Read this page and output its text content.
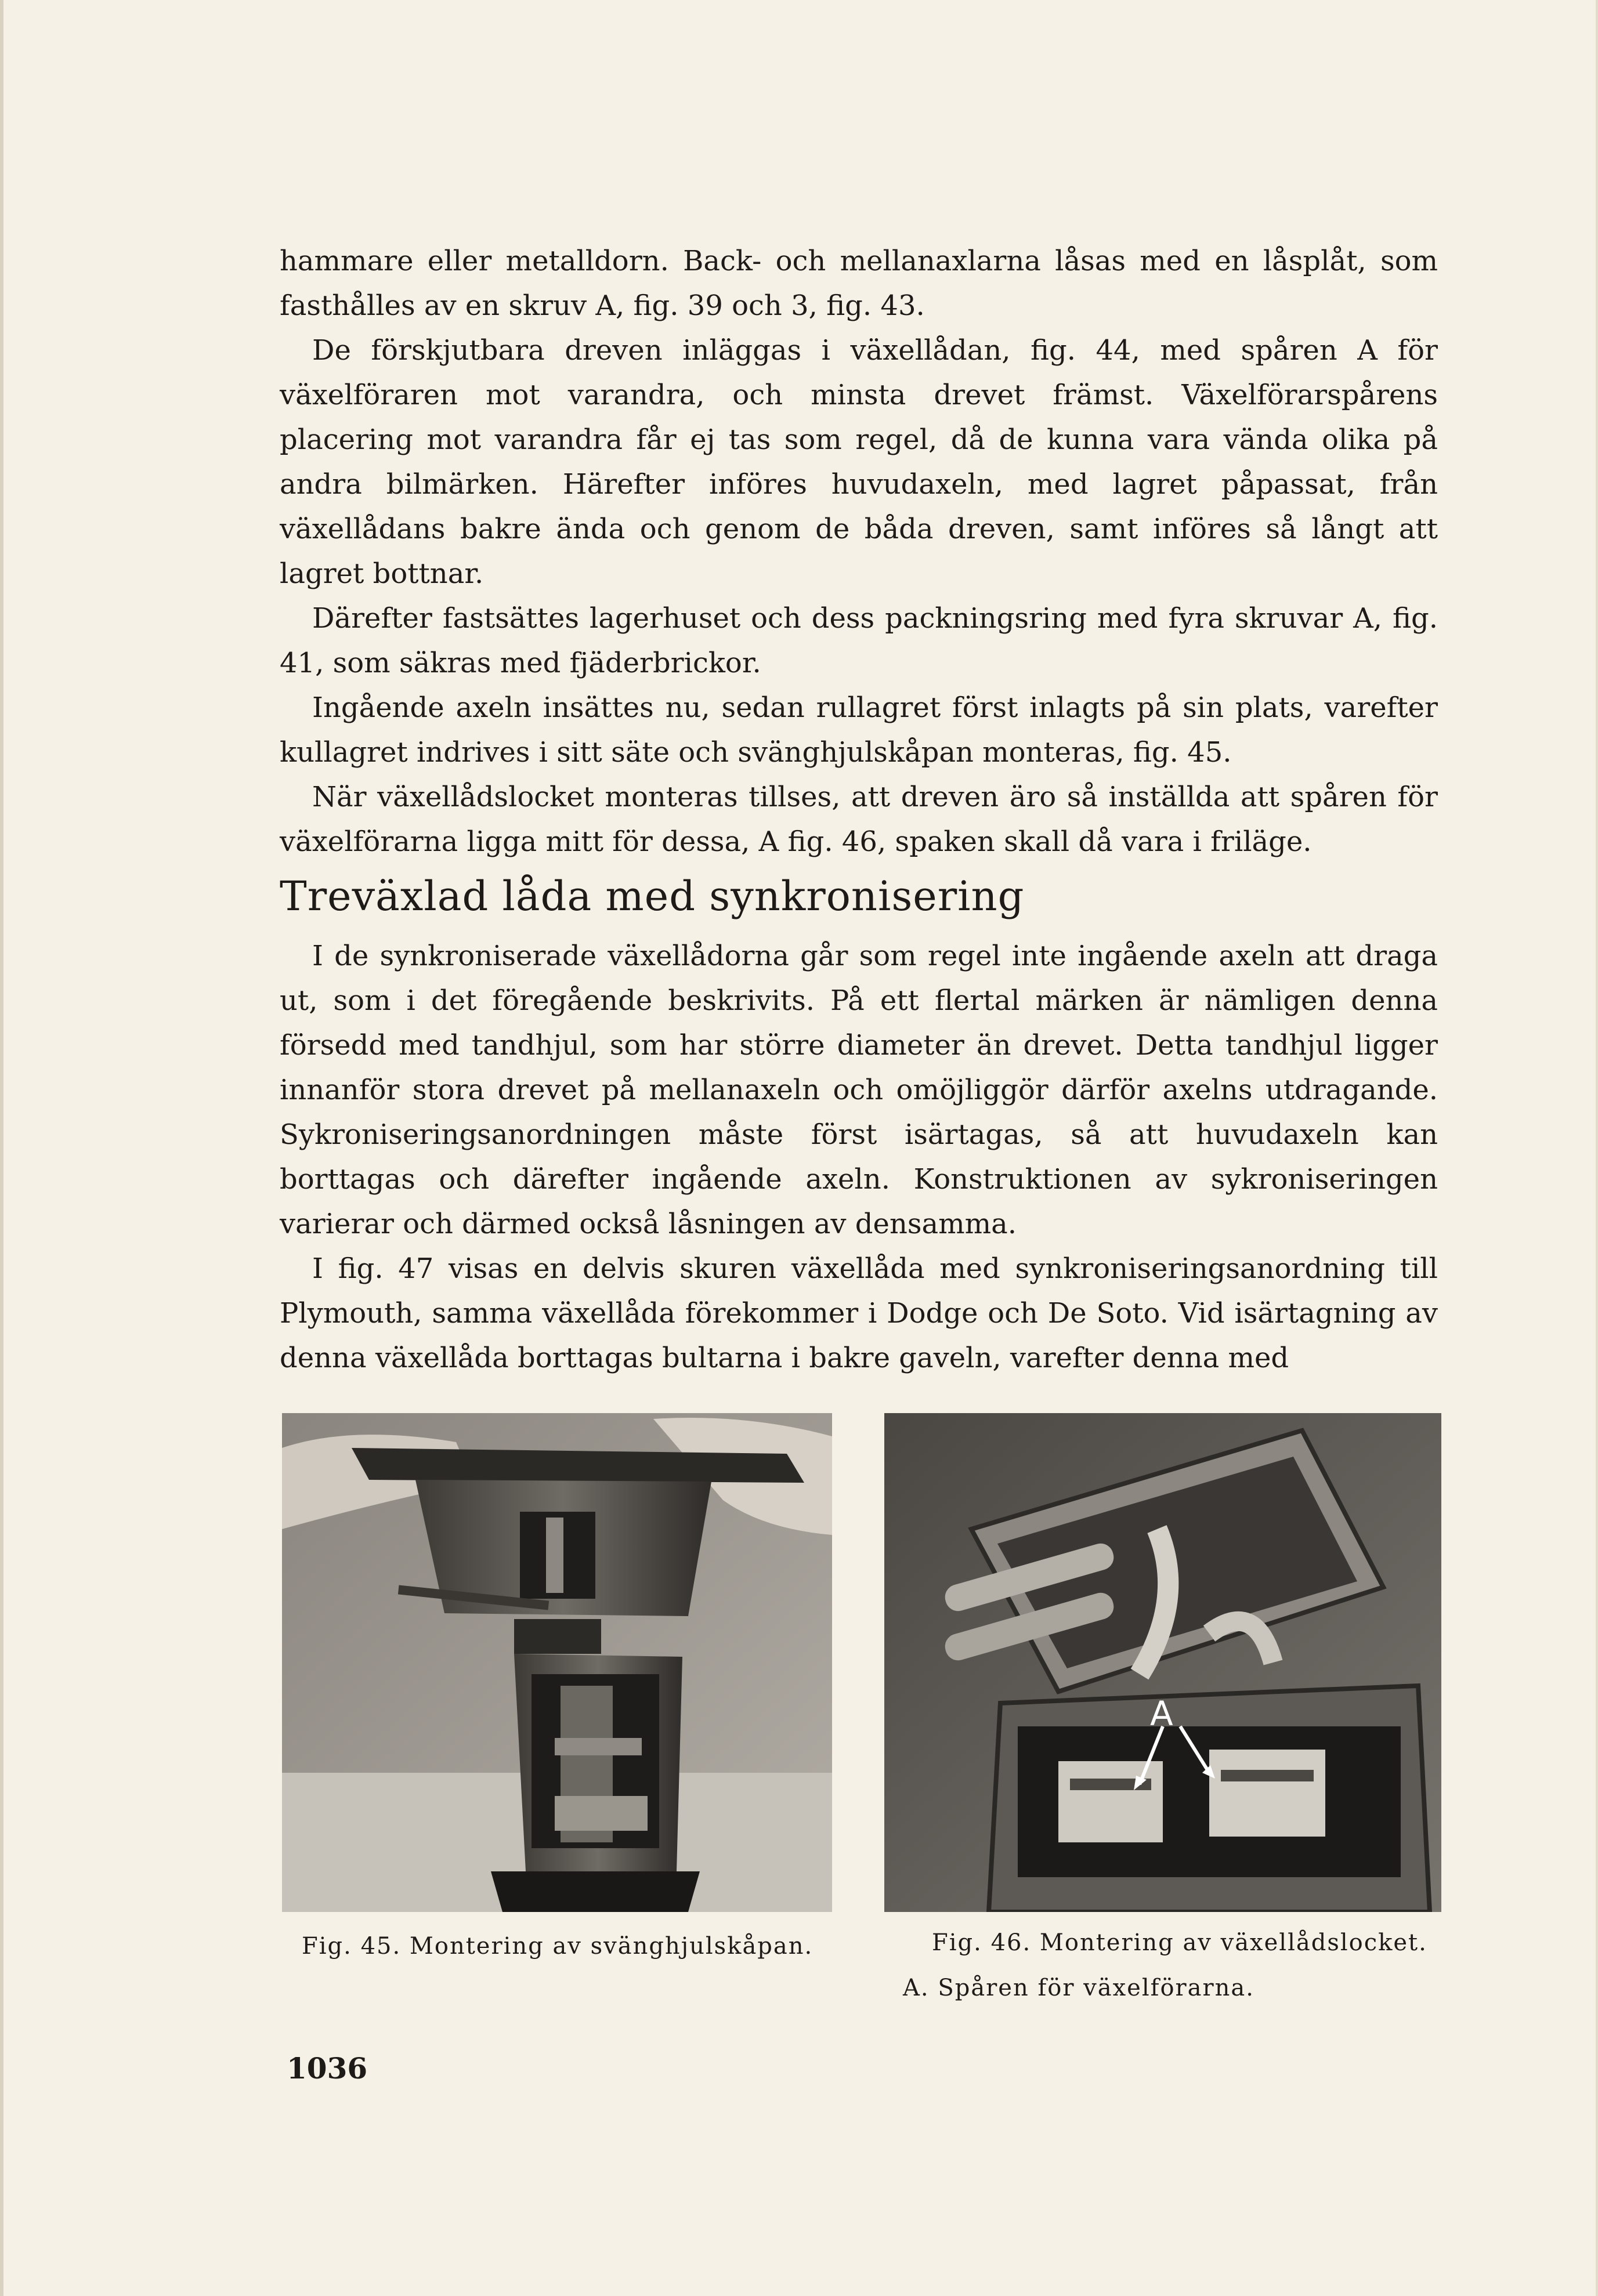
hammare eller metalldorn. Back- och mellanaxlarna låsas med en låsplåt, som fasthålles av en skruv A, fig. 39 och 3, fig. 43.

De förskjutbara dreven inläggas i växellådan, fig. 44, med spåren A för växelföraren mot varandra, och minsta drevet främst. Växelförarspårens placering mot varandra får ej tas som regel, då de kunna vara vända olika på andra bilmärken. Härefter införes huvudaxeln, med lagret påpassat, från växellådans bakre ända och genom de båda dreven, samt införes så långt att lagret bottnar.

Därefter fastsättes lagerhuset och dess packningsring med fyra skruvar A, fig. 41, som säkras med fjäderbrickor.

Ingående axeln insättes nu, sedan rullagret först inlagts på sin plats, varefter kullagret indrives i sitt säte och svänghjulskåpan monteras, fig. 45.

När växellådslocket monteras tillses, att dreven äro så inställda att spåren för växelförarna ligga mitt för dessa, A fig. 46, spaken skall då vara i friläge.

Treväxlad låda med synkronisering

I de synkroniserade växellådorna går som regel inte ingående axeln att draga ut, som i det föregående beskrivits. På ett flertal märken är nämligen denna försedd med tandhjul, som har större diameter än drevet. Detta tandhjul ligger innanför stora drevet på mellanaxeln och omöjliggör därför axelns utdragande. Sykroniseringsanordningen måste först isärtagas, så att huvudaxeln kan borttagas och därefter ingående axeln. Konstruktionen av sykroniseringen varierar och därmed också låsningen av densamma.

I fig. 47 visas en delvis skuren växellåda med synkroniseringsanordning till Plymouth, samma växellåda förekommer i Dodge och De Soto. Vid isärtagning av denna växellåda borttagas bultarna i bakre gaveln, varefter denna med

A
Fig. 45. Montering av svänghjulskåpan.	Fig. 46. Montering av växellådslocket.
A. Spåren för växelförarna.

1036
